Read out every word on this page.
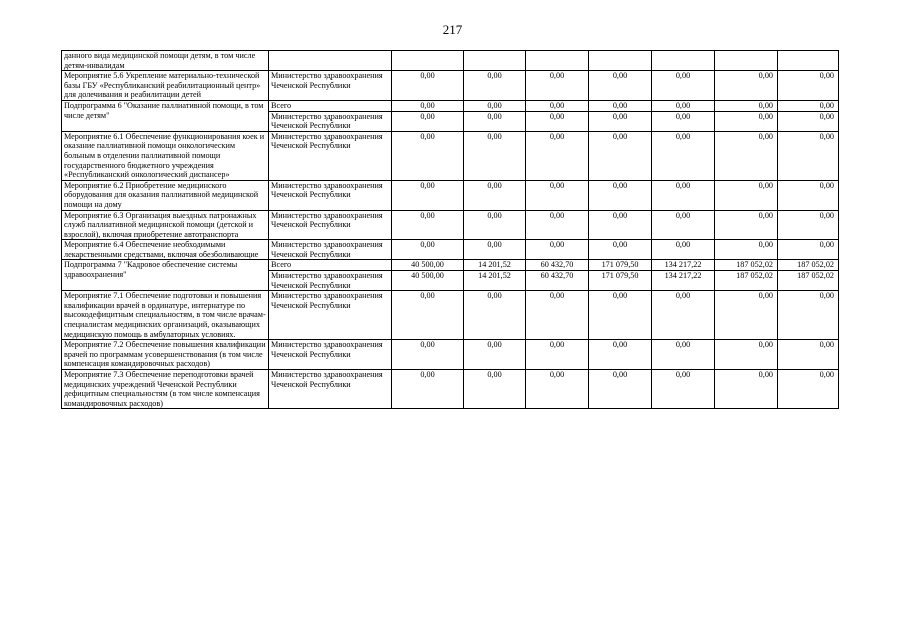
217
данного вида медицинской помощи детям, в том числе детям-инвалидам								
Мероприятие 5.6 Укрепление материально-технической базы ГБУ «Республиканский реабилитационный центр» для долечивания и реабилитации детей	Министерство здравоохранения Чеченской Республики	0,00	0,00	0,00	0,00	0,00	0,00	0,00
Подпрограмма 6 "Оказание паллиативной помощи, в том числе детям"	Всего	0,00	0,00	0,00	0,00	0,00	0,00	0,00
	Министерство здравоохранения Чеченской Республики	0,00	0,00	0,00	0,00	0,00	0,00	0,00
Мероприятие 6.1 Обеспечение функционирования коек и оказание паллиативной помощи онкологическим больным в отделении паллиативной помощи государственного бюджетного учреждения «Республиканский онкологический диспансер»	Министерство здравоохранения Чеченской Республики	0,00	0,00	0,00	0,00	0,00	0,00	0,00
Мероприятие 6.2 Приобретение медицинского оборудования для оказания паллиативной медицинской помощи на дому	Министерство здравоохранения Чеченской Республики	0,00	0,00	0,00	0,00	0,00	0,00	0,00
Мероприятие 6.3 Организация выездных патронажных служб паллиативной медицинской помощи (детской и взрослой), включая приобретение автотранспорта	Министерство здравоохранения Чеченской Республики	0,00	0,00	0,00	0,00	0,00	0,00	0,00
Мероприятие 6.4 Обеспечение необходимыми лекарственными средствами, включая обезболивающие	Министерство здравоохранения Чеченской Республики	0,00	0,00	0,00	0,00	0,00	0,00	0,00
Подпрограмма 7 "Кадровое обеспечение системы здравоохранения"	Всего	40 500,00	14 201,52	60 432,70	171 079,50	134 217,22	187 052,02	187 052,02
	Министерство здравоохранения Чеченской Республики	40 500,00	14 201,52	60 432,70	171 079,50	134 217,22	187 052,02	187 052,02
Мероприятие 7.1 Обеспечение подготовки и повышения квалификации врачей в ординатуре, интернатуре по высокодефицитным специальностям, в том числе врачам-специалистам медицинских организаций, оказывающих медицинскую помощь в амбулаторных условиях.	Министерство здравоохранения Чеченской Республики	0,00	0,00	0,00	0,00	0,00	0,00	0,00
Мероприятие 7.2 Обеспечение повышения квалификации врачей по программам усовершенствования (в том числе компенсация командировочных расходов)	Министерство здравоохранения Чеченской Республики	0,00	0,00	0,00	0,00	0,00	0,00	0,00
Мероприятие 7.3 Обеспечение переподготовки врачей медицинских учреждений Чеченской Республики дефицитным специальностям (в том числе компенсация командировочных расходов)	Министерство здравоохранения Чеченской Республики	0,00	0,00	0,00	0,00	0,00	0,00	0,00
